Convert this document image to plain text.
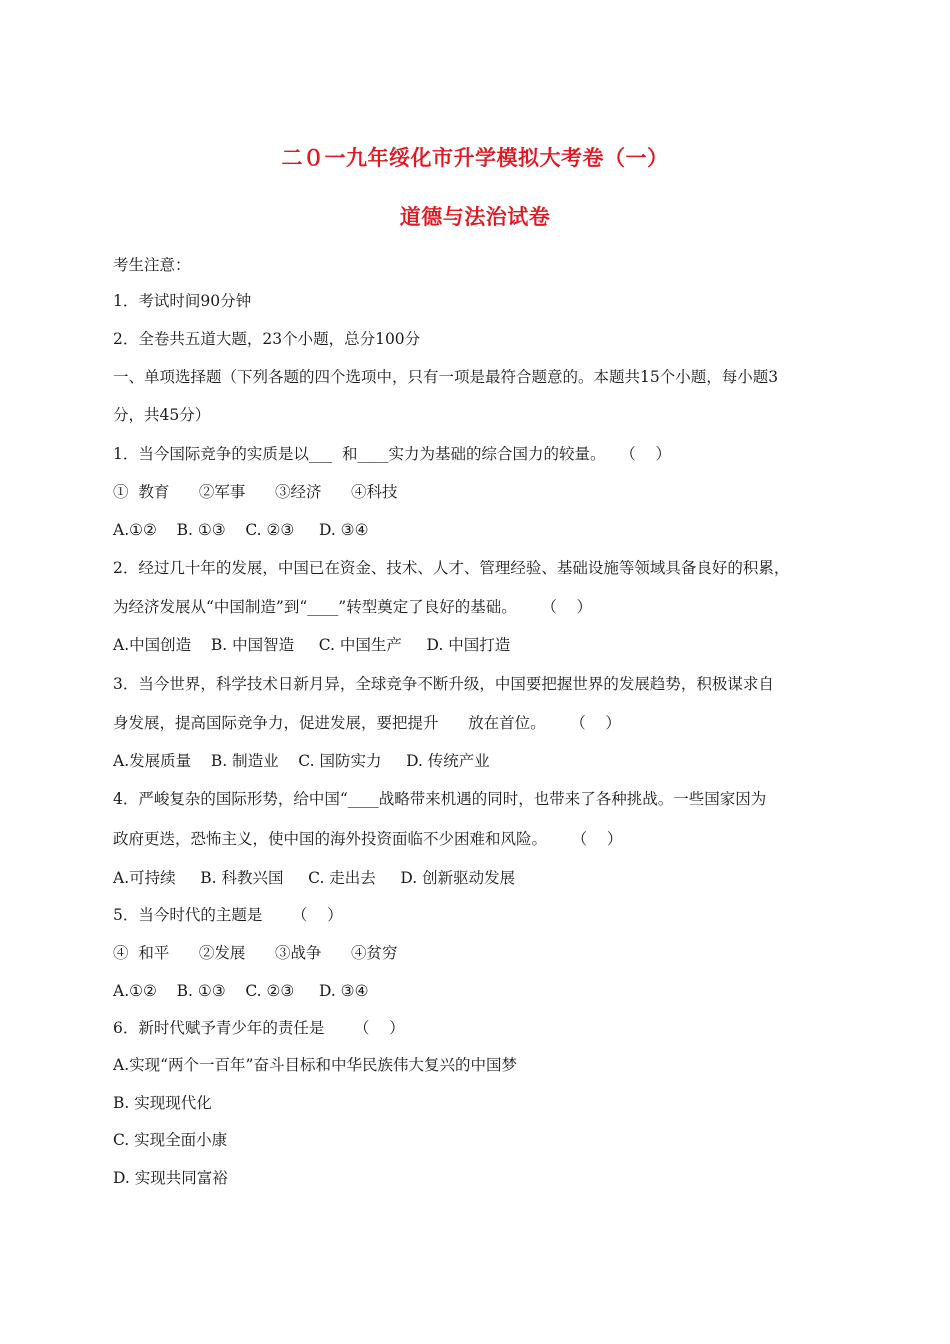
二０一九年绥化市升学模拟大考卷（一）
道德与法治试卷
考生注意：
1．考试时间90分钟
2．全卷共五道大题，23个小题，总分100分
一、单项选择题（下列各题的四个选项中，只有一项是最符合题意的。本题共15个小题，每小题3
分，共45分）
1．当今国际竞争的实质是以___  和____实力为基础的综合国力的较量。   （    ）
①  教育      ②军事      ③经济      ④科技
A.①②    B. ①③    C. ②③     D. ③④
2．经过几十年的发展，中国已在资金、技术、人才、管理经验、基础设施等领域具备良好的积累，
为经济发展从“中国制造”到“____”转型奠定了良好的基础。     （    ）
A.中国创造    B. 中国智造     C. 中国生产     D. 中国打造
3．当今世界，科学技术日新月异，全球竞争不断升级，中国要把握世界的发展趋势，积极谋求自
身发展，提高国际竞争力，促进发展，要把提升      放在首位。     （    ）
A.发展质量    B. 制造业    C. 国防实力     D. 传统产业
4．严峻复杂的国际形势，给中国“____战略带来机遇的同时，也带来了各种挑战。一些国家因为
政府更迭，恐怖主义，使中国的海外投资面临不少困难和风险。     （    ）
A.可持续     B. 科教兴国     C. 走出去     D. 创新驱动发展
5．当今时代的主题是      （    ）
④  和平      ②发展      ③战争      ④贫穷
A.①②    B. ①③    C. ②③     D. ③④
6．新时代赋予青少年的责任是      （    ）
A.实现“两个一百年”奋斗目标和中华民族伟大复兴的中国梦
B. 实现现代化
C. 实现全面小康
D. 实现共同富裕
